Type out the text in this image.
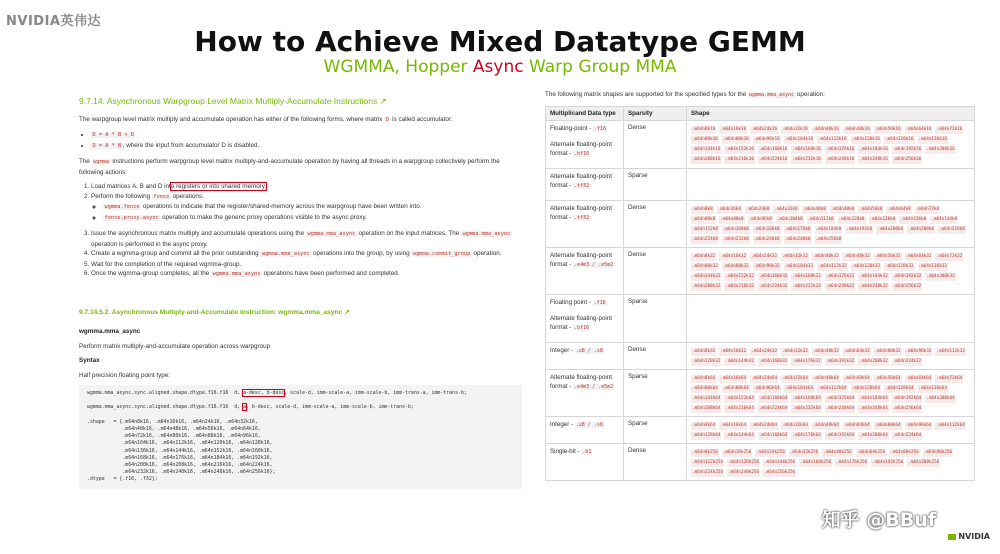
NVIDIA英伟达
How to Achieve Mixed Datatype GEMM
WGMMA, Hopper Async Warp Group MMA
9.7.14. Asynchronous Warpgroup Level Matrix Multiply-Accumulate Instructions ↗

The warpgroup level matrix multiply and accumulate operation has either of the following forms, where matrix D is called accumulator:

• D = A * B + D
• D = A * B , where the input from accumulator D is disabled.

The wgmma instructions perform warpgroup level matrix multiply-and-accumulate operation by having all threads in a warpgroup collectively perform the following actions:

1. Load matrices A, B and D into registers or into shared memory.
2. Perform the following fence operations:
◦ wgmma.fence operations to indicate that the register/shared-memory across the warpgroup have been written into.
◦ fence.proxy.async operation to make the generic proxy operations visible to the async proxy.
3. Issue the asynchronous matrix multiply and accumulate operations using the wgmma.mma_async operation on the input matrices. The wgmma.mma_async operation is performed in the async proxy.
4. Create a wgmma-group and commit all the prior outstanding wgmma.mma_async operations into the group, by using wgmma.commit_group operation.
5. Wait for the completion of the required wgmma-group.
6. Once the wgmma-group completes, all the wgmma.mma_async operations have been performed and completed.
9.7.14.5.2. Asynchronous Multiply-and-Accumulate Instruction: wgmma.mma_async ↗

wgmma.mma_async

Perform matrix multiply-and-accumulate operation across warpgroup

Syntax

Half precision floating point type:

wgmma.mma_async.sync.aligned.shape.dtype.f16.f16  d, a-desc, b-desc, scale-d, imm-scale-a, imm-scale-b, imm-trans-a, imm-trans-b;

wgmma.mma_async.sync.aligned.shape.dtype.f16.f16  d, a, b-desc, scale-d, imm-scale-a, imm-scale-b, imm-trans-b;

.shape   = {.m64n8k16, .m64n16k16, .m64n24k16, .m64n32k16,
.m64n40k16, .m64n48k16, .m64n56k16, .m64n64k16,
.m64n72k16, .m64n80k16, .m64n88k16, .m64n96k16,
.m64n104k16, .m64n112k16, .m64n120k16, .m64n128k16,
.m64n136k16, .m64n144k16, .m64n152k16, .m64n160k16,
.m64n168k16, .m64n176k16, .m64n184k16, .m64n192k16,
.m64n200k16, .m64n208k16, .m64n216k16, .m64n224k16,
.m64n232k16, .m64n240k16, .m64n248k16, .m64n256k16};
.dtype   = {.f16, .f32};

The following matrix shapes are supported for the specified types for the wgmma.mma_async operation:

Multiplicand Data type	Sparsity	Shape

Floating-point - .f16
Alternate floating-point format - .bf16	Dense	.m64n8k16 .m64n16k16 .m64n24k16 .m64n32k16 .m64n40k16 .m64n48k16 .m64n56k16 .m64n64k16 .m64n72k16.m64n80k16 .m64n88k16 .m64n96k16 .m64n104k16 .m64n112k16 .m64n120k16 .m64n128k16 .m64n136k16.m64n144k16 .m64n152k16 .m64n160k16 .m64n168k16 .m64n176k16 .m64n184k16 .m64n192k16 .m64n200k16.m64n208k16 .m64n216k16 .m64n224k16 .m64n232k16 .m64n240k16 .m64n248k16 .m64n256k16

Alternate floating-point format - .tf32	Sparse	

Alternate floating-point format - .tf32	Dense	.m64n8k8 .m64n16k8 .m64n24k8 .m64n32k8 .m64n40k8 .m64n48k8 .m64n56k8 .m64n64k8 .m64n72k8.m64n80k8 .m64n88k8 .m64n96k8 .m64n104k8 .m64n112k8 .m64n120k8 .m64n128k8 .m64n136k8 .m64n144k8.m64n152k8 .m64n160k8 .m64n168k8 .m64n176k8 .m64n184k8 .m64n192k8 .m64n200k8 .m64n208k8 .m64n216k8.m64n224k8 .m64n232k8 .m64n240k8 .m64n248k8 .m64n256k8

Alternate floating-point format - .e4m3 / .e5m2	Dense	.m64n8k32 .m64n16k32 .m64n24k32 .m64n32k32 .m64n40k32 .m64n48k32 .m64n56k32 .m64n64k32 .m64n72k32.m64n80k32 .m64n88k32 .m64n96k32 .m64n104k32 .m64n112k32 .m64n120k32 .m64n128k32 .m64n136k32.m64n144k32 .m64n152k32 .m64n160k32 .m64n168k32 .m64n176k32 .m64n184k32 .m64n192k32 .m64n200k32.m64n208k32 .m64n216k32 .m64n224k32 .m64n232k32 .m64n240k32 .m64n248k32 .m64n256k32

Floating point - .f16
Alternate floating-point format - .bf16	Sparse	

Integer - .u8 / .s8	Dense	.m64n8k32 .m64n16k32 .m64n24k32 .m64n32k32 .m64n48k32 .m64n64k32 .m64n80k32 .m64n96k32 .m64n112k32.m64n128k32 .m64n144k32 .m64n160k32 .m64n176k32 .m64n192k32 .m64n208k32 .m64n224k32

Alternate floating-point format - .e4m3 / .e5m2	Sparse	.m64n8k64 .m64n16k64 .m64n24k64 .m64n32k64 .m64n40k64 .m64n48k64 .m64n56k64 .m64n64k64 .m64n72k64.m64n80k64 .m64n88k64 .m64n96k64 .m64n104k64 .m64n112k64 .m64n120k64 .m64n128k64 .m64n136k64.m64n144k64 .m64n152k64 .m64n160k64 .m64n168k64 .m64n176k64 .m64n184k64 .m64n192k64 .m64n200k64.m64n208k64 .m64n216k64 .m64n224k64 .m64n232k64 .m64n240k64 .m64n248k64 .m64n256k64

Integer - .u8 / .s8	Sparse	.m64n8k64 .m64n16k64 .m64n24k64 .m64n32k64 .m64n48k64 .m64n64k64 .m64n80k64 .m64n96k64 .m64n112k64.m64n128k64 .m64n144k64 .m64n160k64 .m64n176k64 .m64n192k64 .m64n208k64 .m64n224k64

Single-bit - .b1	Dense	.m64n8k256 .m64n16k256 .m64n24k256 .m64n32k256 .m64n48k256 .m64n64k256 .m64n80k256 .m64n96k256.m64n112k256 .m64n128k256 .m64n144k256 .m64n160k256 .m64n176k256 .m64n192k256 .m64n208k256.m64n224k256 .m64n240k256 .m64n256k256
知乎 @BBuf
NVIDIA
